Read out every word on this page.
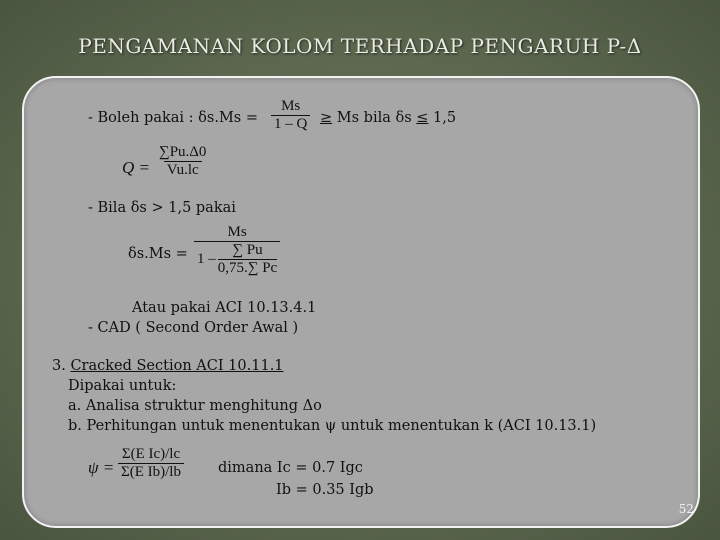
PENGAMANAN KOLOM TERHADAP PENGARUH P-Δ
- Boleh pakai : $\delta s.Ms = \frac{Ms}{1 - Q} \ge Ms$ bila δs ≤ 1,5
$Q = \frac{\sum Pu.\Delta 0}{Vu.lc}$
- Bila δs > 1,5 pakai
$\delta s.Ms = \frac{Ms}{1 - \frac{\sum Pu}{0,75.\sum Pc}}$
Atau pakai ACI 10.13.4.1
- CAD ( Second Order Awal )
3. Cracked Section ACI 10.11.1
Dipakai untuk:
a. Analisa struktur menghitung Δo
b. Perhitungan untuk menentukan ψ untuk menentukan k (ACI 10.13.1)
$\psi = \frac{\text{Σ(E Ic)/lc}}{\text{Σ(E Ib)/lb}}$ dimana Ic = 0.7 Igc
Ib = 0.35 Igb
52
